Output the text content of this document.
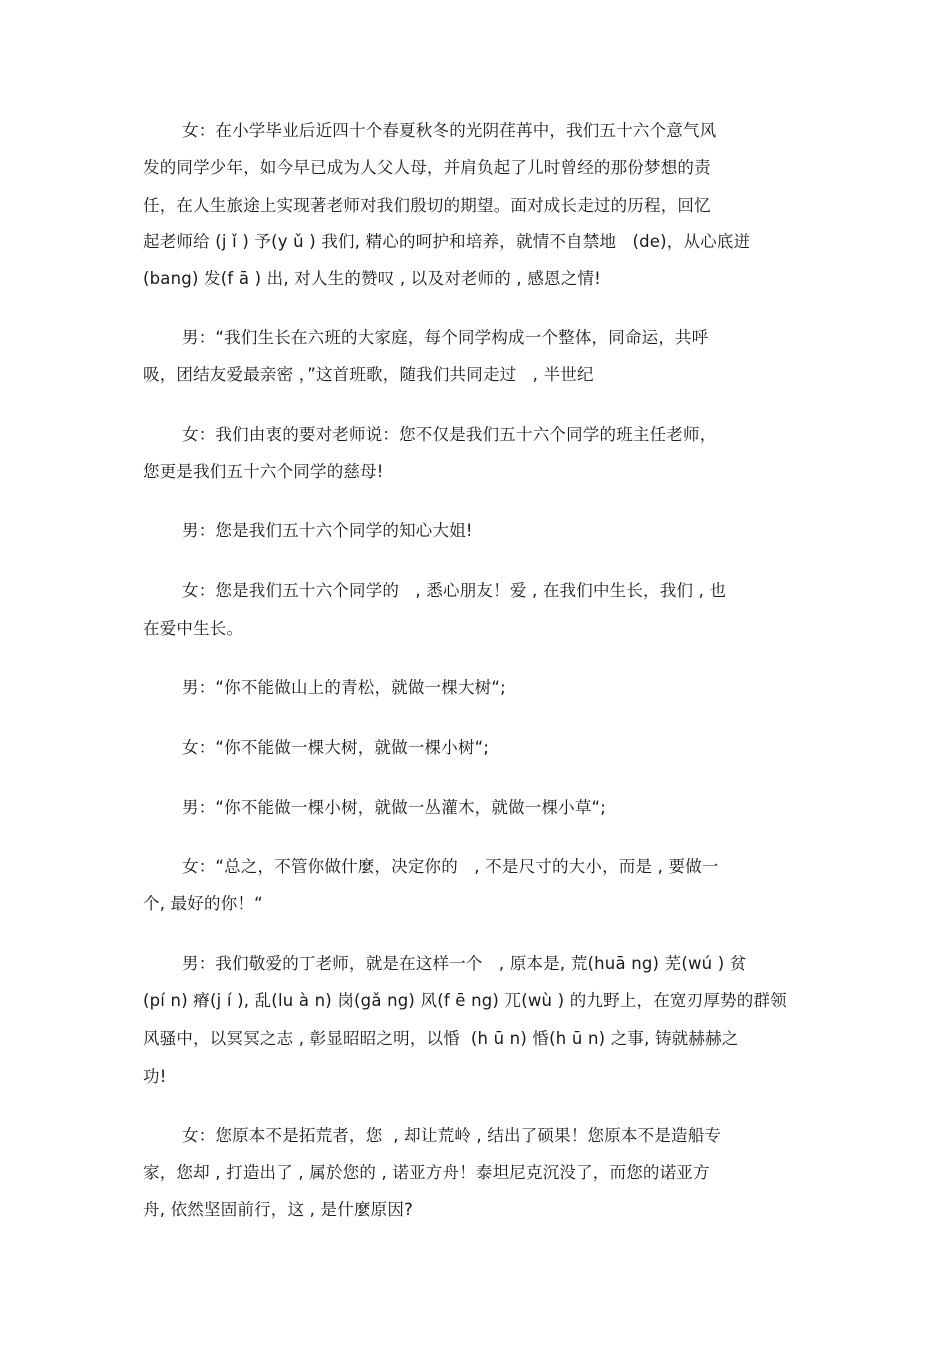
女：在小学毕业后近四十个春夏秋冬的光阴荏苒中，我们五十六个意气风
发的同学少年，如今早已成为人父人母，并肩负起了儿时曾经的那份梦想的责
任，在人生旅途上实现著老师对我们殷切的期望。面对成长走过的历程，回忆
起老师给 (j ǐ ) 予(y ǔ ) 我们, 精心的呵护和培养，就情不自禁地   (de)，从心底迸
(bang) 发(f ā ) 出, 对人生的赞叹 , 以及对老师的 , 感恩之情!
男：“我们生长在六班的大家庭，每个同学构成一个整体，同命运，共呼
吸，团结友爱最亲密 ，”这首班歌，随我们共同走过   , 半世纪
女：我们由衷的要对老师说：您不仅是我们五十六个同学的班主任老师，
您更是我们五十六个同学的慈母!
男：您是我们五十六个同学的知心大姐!
女：您是我们五十六个同学的   , 悉心朋友！爱 , 在我们中生长，我们 , 也
在爱中生长。
男：“你不能做山上的青松，就做一棵大树“;
女：“你不能做一棵大树，就做一棵小树“;
男：“你不能做一棵小树，就做一丛灌木，就做一棵小草“;
女：“总之，不管你做什麼，决定你的   , 不是尺寸的大小，而是 , 要做一
个, 最好的你！“
男：我们敬爱的丁老师，就是在这样一个   , 原本是, 荒(huā ng) 芜(wú ) 贫
(pí n) 瘠(j í ), 乱(lu à n) 岗(gǎ ng) 风(f ē ng) 兀(wù ) 的九野上，在宽刃厚势的群领
风骚中，以冥冥之志 , 彰显昭昭之明，以惛  (h ū n) 惛(h ū n) 之事, 铸就赫赫之
功!
女：您原本不是拓荒者，您  , 却让荒岭 , 结出了硕果！您原本不是造船专
家，您却 , 打造出了 , 属於您的 , 诺亚方舟！泰坦尼克沉没了，而您的诺亚方
舟, 依然坚固前行，这 , 是什麼原因?
